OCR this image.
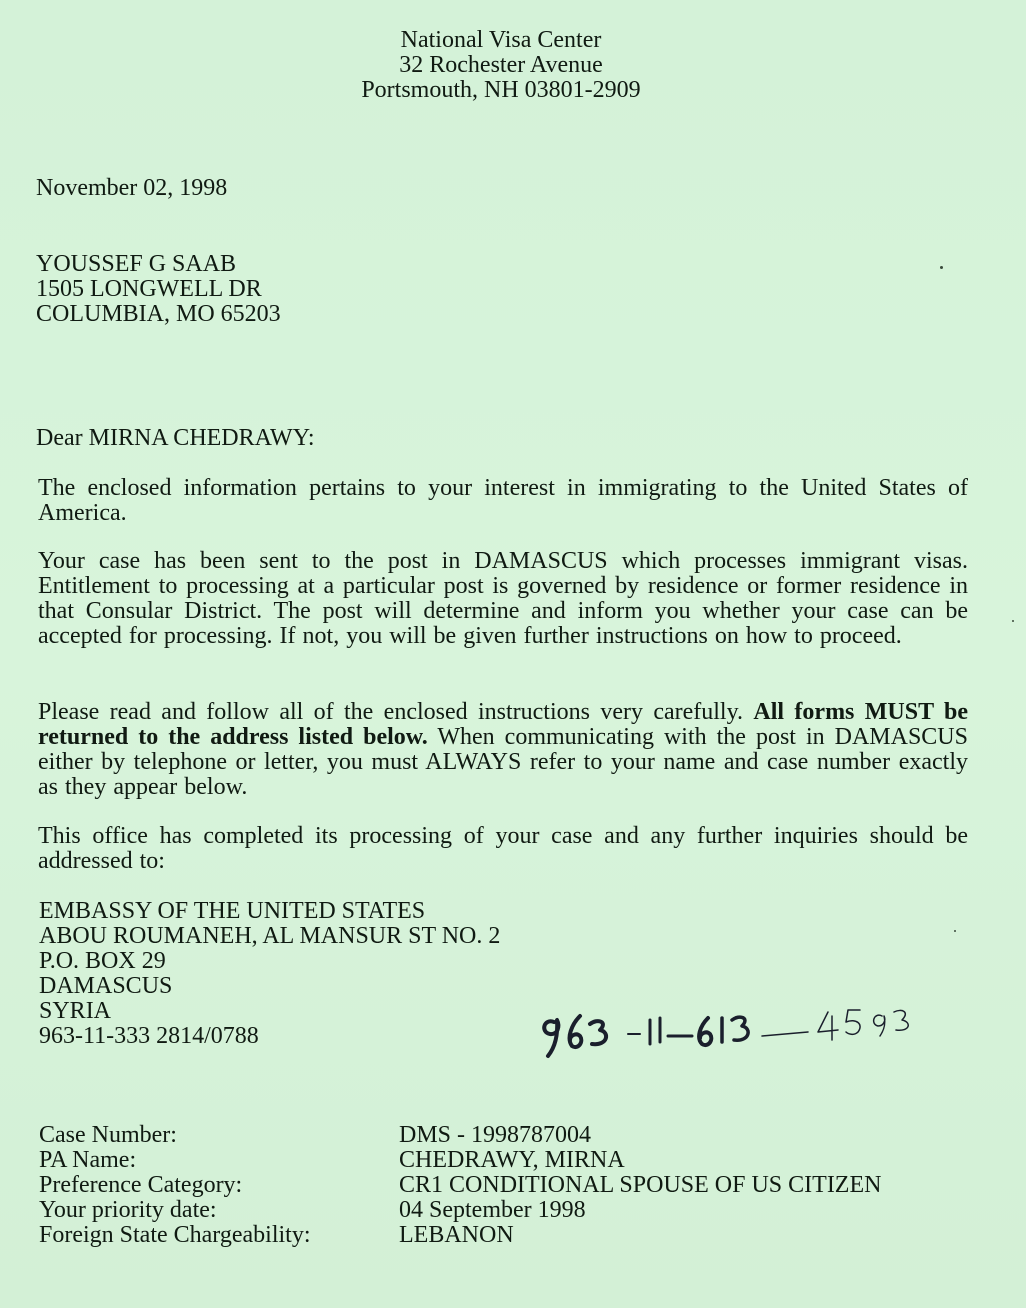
National Visa Center
32 Rochester Avenue
Portsmouth, NH 03801-2909
November 02, 1998
YOUSSEF G SAAB
1505 LONGWELL DR
COLUMBIA, MO 65203
Dear MIRNA CHEDRAWY:
The enclosed information pertains to your interest in immigrating to the United States of America.
Your case has been sent to the post in DAMASCUS which processes immigrant visas. Entitlement to processing at a particular post is governed by residence or former residence in that Consular District. The post will determine and inform you whether your case can be accepted for processing. If not, you will be given further instructions on how to proceed.
Please read and follow all of the enclosed instructions very carefully. All forms MUST be returned to the address listed below. When communicating with the post in DAMASCUS either by telephone or letter, you must ALWAYS refer to your name and case number exactly as they appear below.
This office has completed its processing of your case and any further inquiries should be addressed to:
EMBASSY OF THE UNITED STATES
ABOU ROUMANEH, AL MANSUR ST NO. 2
P.O. BOX 29
DAMASCUS
SYRIA
963-11-333 2814/0788
Case Number:	DMS - 1998787004
PA Name:	CHEDRAWY, MIRNA
Preference Category:	CR1 CONDITIONAL SPOUSE OF US CITIZEN
Your priority date:	04 September 1998
Foreign State Chargeability:	LEBANON
